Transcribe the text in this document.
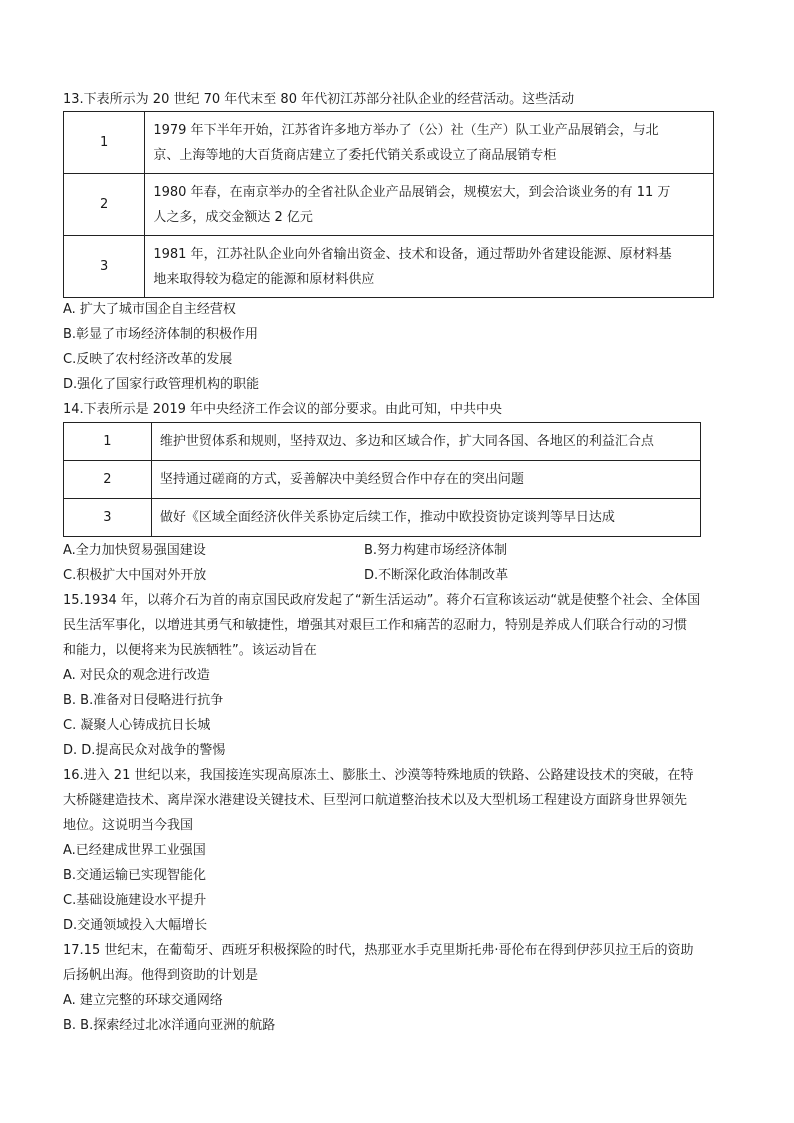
13.下表所示为 20 世纪 70 年代末至 80 年代初江苏部分社队企业的经营活动。这些活动
1	1979 年下半年开始，江苏省许多地方举办了（公）社（生产）队工业产品展销会，与北
京、上海等地的大百货商店建立了委托代销关系或设立了商品展销专柜

2	1980 年春，在南京举办的全省社队企业产品展销会，规模宏大，到会洽谈业务的有 11 万
人之多，成交金额达 2 亿元

3	1981 年，江苏社队企业向外省输出资金、技术和设备，通过帮助外省建设能源、原材料基
地来取得较为稳定的能源和原材料供应
A. 扩大了城市国企自主经营权
B.彰显了市场经济体制的积极作用
C.反映了农村经济改革的发展
D.强化了国家行政管理机构的职能
14.下表所示是 2019 年中央经济工作会议的部分要求。由此可知，中共中央
1	维护世贸体系和规则，坚持双边、多边和区域合作，扩大同各国、各地区的利益汇合点
2	坚持通过磋商的方式，妥善解决中美经贸合作中存在的突出问题
3	做好《区域全面经济伙伴关系协定后续工作，推动中欧投资协定谈判等早日达成
A.全力加快贸易强国建设	B.努力构建市场经济体制
C.积极扩大中国对外开放	D.不断深化政治体制改革
15.1934 年，以蒋介石为首的南京国民政府发起了“新生活运动”。蒋介石宣称该运动“就是使整个社会、全体国
民生活军事化，以增进其勇气和敏捷性，增强其对艰巨工作和痛苦的忍耐力，特别是养成人们联合行动的习惯
和能力，以便将来为民族牺牲”。该运动旨在
A. 对民众的观念进行改造
B. B.准备对日侵略进行抗争
C. 凝聚人心铸成抗日长城
D. D.提高民众对战争的警惕
16.进入 21 世纪以来，我国接连实现高原冻土、膨胀土、沙漠等特殊地质的铁路、公路建设技术的突破，在特
大桥隧建造技术、离岸深水港建设关键技术、巨型河口航道整治技术以及大型机场工程建设方面跻身世界领先
地位。这说明当今我国
A.已经建成世界工业强国
B.交通运输已实现智能化
C.基础设施建设水平提升
D.交通领域投入大幅增长
17.15 世纪末，在葡萄牙、西班牙积极探险的时代，热那亚水手克里斯托弗·哥伦布在得到伊莎贝拉王后的资助
后扬帆出海。他得到资助的计划是
A. 建立完整的环球交通网络
B. B.探索经过北冰洋通向亚洲的航路
